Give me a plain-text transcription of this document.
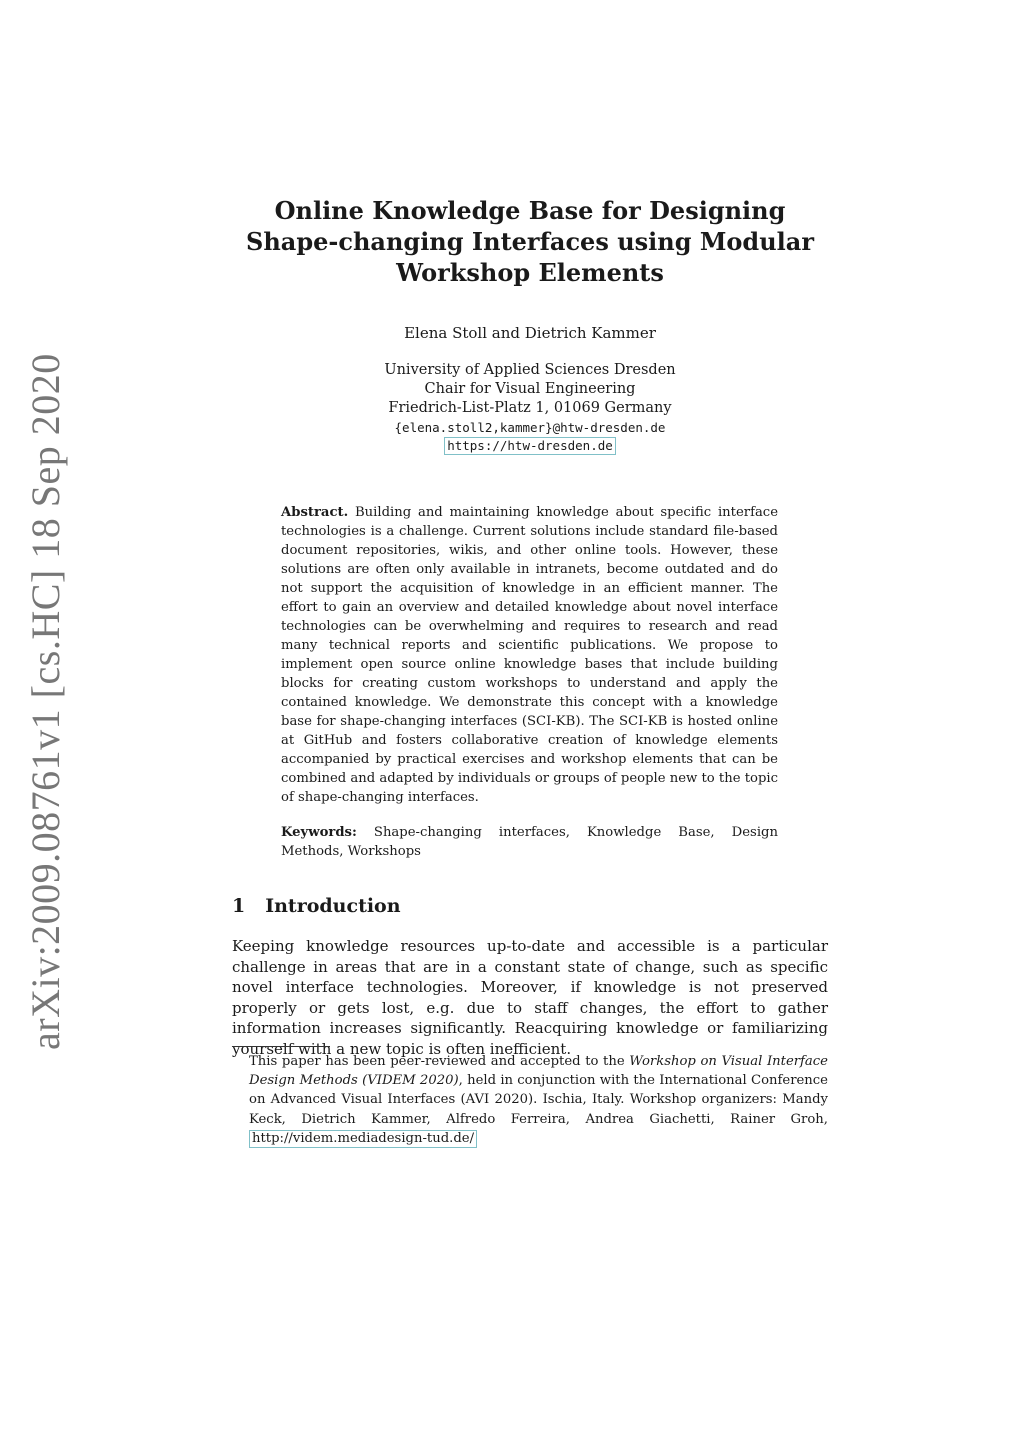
arXiv:2009.08761v1 [cs.HC] 18 Sep 2020
Online Knowledge Base for Designing
Shape-changing Interfaces using Modular
Workshop Elements
Elena Stoll and Dietrich Kammer
University of Applied Sciences Dresden
Chair for Visual Engineering
Friedrich-List-Platz 1, 01069 Germany
{elena.stoll2,kammer}@htw-dresden.de
https://htw-dresden.de
Abstract. Building and maintaining knowledge about specific interface technologies is a challenge. Current solutions include standard file-based document repositories, wikis, and other online tools. However, these solutions are often only available in intranets, become outdated and do not support the acquisition of knowledge in an efficient manner. The effort to gain an overview and detailed knowledge about novel interface technologies can be overwhelming and requires to research and read many technical reports and scientific publications. We propose to implement open source online knowledge bases that include building blocks for creating custom workshops to understand and apply the contained knowledge. We demonstrate this concept with a knowledge base for shape-changing interfaces (SCI-KB). The SCI-KB is hosted online at GitHub and fosters collaborative creation of knowledge elements accompanied by practical exercises and workshop elements that can be combined and adapted by individuals or groups of people new to the topic of shape-changing interfaces.
Keywords: Shape-changing interfaces, Knowledge Base, Design Methods, Workshops
1 Introduction
Keeping knowledge resources up-to-date and accessible is a particular challenge in areas that are in a constant state of change, such as specific novel interface technologies. Moreover, if knowledge is not preserved properly or gets lost, e.g. due to staff changes, the effort to gather information increases significantly. Reacquiring knowledge or familiarizing yourself with a new topic is often inefficient.
This paper has been peer-reviewed and accepted to the Workshop on Visual Interface Design Methods (VIDEM 2020), held in conjunction with the International Conference on Advanced Visual Interfaces (AVI 2020). Ischia, Italy. Workshop organizers: Mandy Keck, Dietrich Kammer, Alfredo Ferreira, Andrea Giachetti, Rainer Groh, http://videm.mediadesign-tud.de/
